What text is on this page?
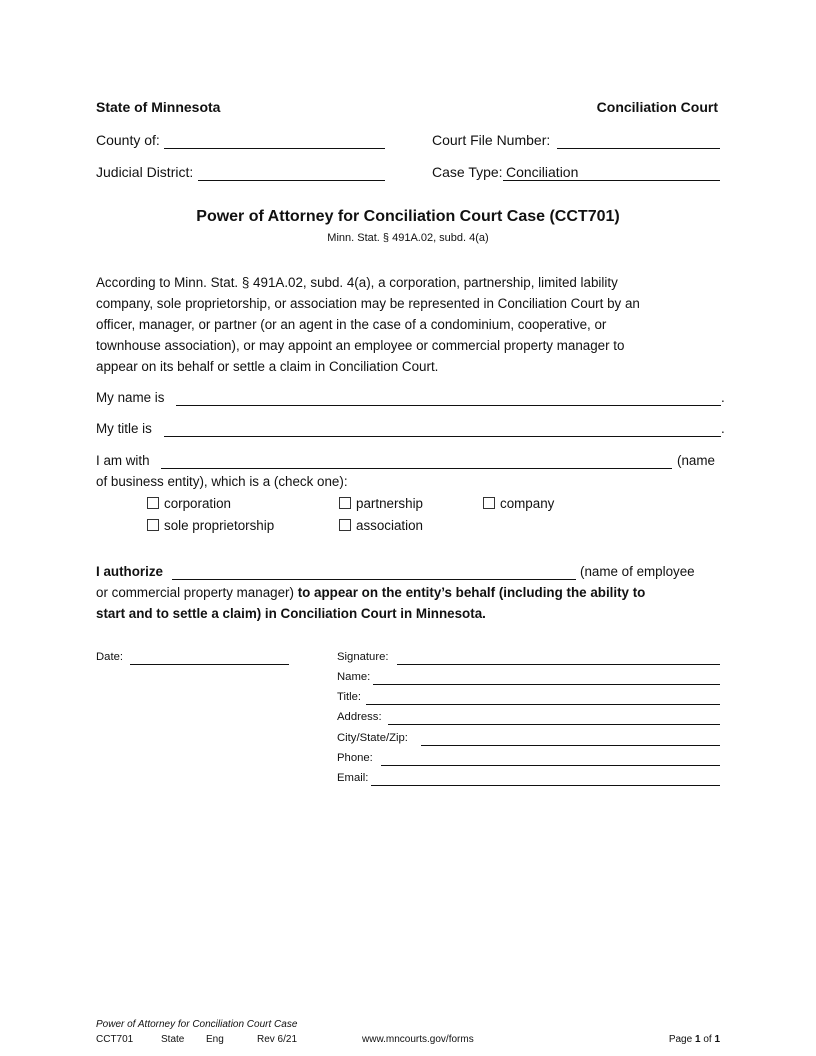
State of Minnesota	Conciliation Court
County of:	Court File Number:
Judicial District:	Case Type: Conciliation
Power of Attorney for Conciliation Court Case (CCT701)
Minn. Stat. § 491A.02, subd. 4(a)
According to Minn. Stat. § 491A.02, subd. 4(a), a corporation, partnership, limited lability
company, sole proprietorship, or association may be represented in Conciliation Court by an
officer, manager, or partner (or an agent in the case of a condominium, cooperative, or
townhouse association), or may appoint an employee or commercial property manager to
appear on its behalf or settle a claim in Conciliation Court.
My name is	.
My title is	.
I am with	(name
of business entity), which is a (check one):
corporation	partnership	company
sole proprietorship	association
I authorize	(name of employee
or commercial property manager) to appear on the entity’s behalf (including the ability to
start and to settle a claim) in Conciliation Court in Minnesota.
Date:	Signature:
Name:
Title:
Address:
City/State/Zip:
Phone:
Email:
Power of Attorney for Conciliation Court Case
CCT701	State Eng	Rev 6/21	www.mncourts.gov/forms	Page 1 of 1
